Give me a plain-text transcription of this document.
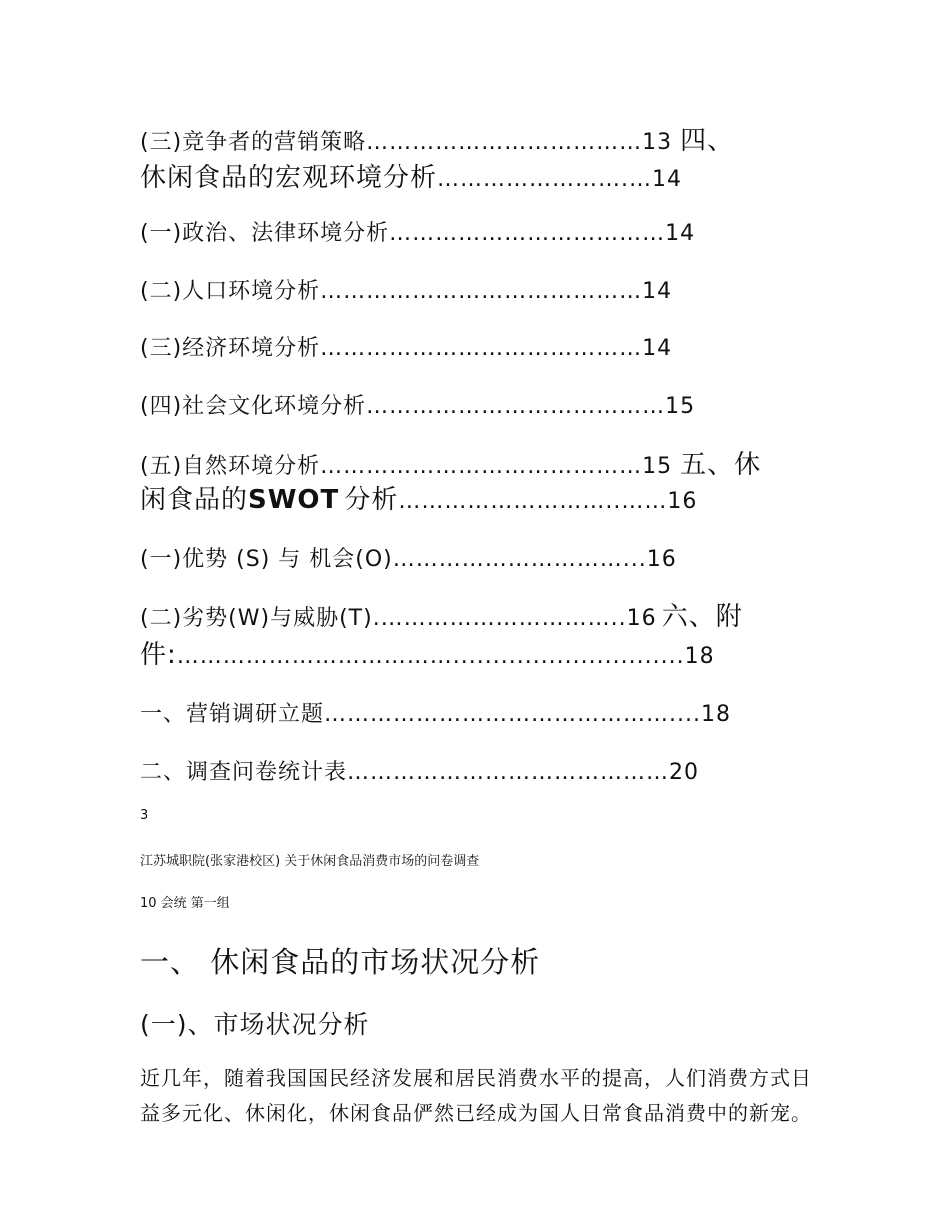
(三)竞争者的营销策略………………………………13 四、
休闲食品的宏观环境分析…………………….…14
(一)政治、法律环境分析………………………………14
(二)人口环境分析……………………………………14
(三)经济环境分析……………………………………14
(四)社会文化环境分析…………………………………15
(五)自然环境分析……………………………………15 五、休
闲食品的SWOT 分析………………………..……16
(一)优势 (S) 与 机会(O)…………………………...16
(二)劣势(W)与威胁(T).…………………………..16 六、附
件:……………………………….............................18
一、营销调研立题………………………………………....18
二、调查问卷统计表……………………………………20
3
江苏城职院(张家港校区) 关于休闲食品消费市场的问卷调查
10 会统 第一组
一、 休闲食品的市场状况分析
(一)、市场状况分析
近几年，随着我国国民经济发展和居民消费水平的提高，人们消费方式日
益多元化、休闲化，休闲食品俨然已经成为国人日常食品消费中的新宠。
